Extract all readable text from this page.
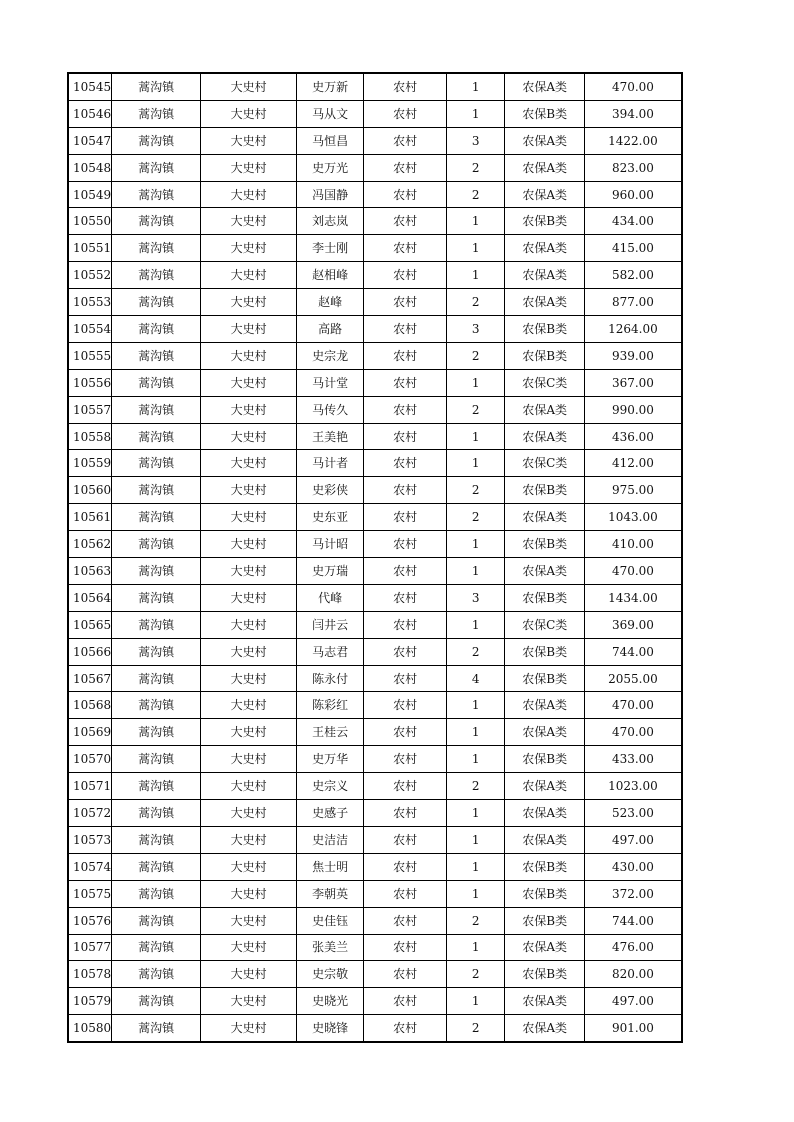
10545	蒿沟镇	大史村	史万新	农村	1	农保A类	470.00
10546	蒿沟镇	大史村	马从文	农村	1	农保B类	394.00
10547	蒿沟镇	大史村	马恒昌	农村	3	农保A类	1422.00
10548	蒿沟镇	大史村	史万光	农村	2	农保A类	823.00
10549	蒿沟镇	大史村	冯国静	农村	2	农保A类	960.00
10550	蒿沟镇	大史村	刘志岚	农村	1	农保B类	434.00
10551	蒿沟镇	大史村	李士刚	农村	1	农保A类	415.00
10552	蒿沟镇	大史村	赵相峰	农村	1	农保A类	582.00
10553	蒿沟镇	大史村	赵峰	农村	2	农保A类	877.00
10554	蒿沟镇	大史村	高路	农村	3	农保B类	1264.00
10555	蒿沟镇	大史村	史宗龙	农村	2	农保B类	939.00
10556	蒿沟镇	大史村	马计堂	农村	1	农保C类	367.00
10557	蒿沟镇	大史村	马传久	农村	2	农保A类	990.00
10558	蒿沟镇	大史村	王美艳	农村	1	农保A类	436.00
10559	蒿沟镇	大史村	马计者	农村	1	农保C类	412.00
10560	蒿沟镇	大史村	史彩侠	农村	2	农保B类	975.00
10561	蒿沟镇	大史村	史东亚	农村	2	农保A类	1043.00
10562	蒿沟镇	大史村	马计昭	农村	1	农保B类	410.00
10563	蒿沟镇	大史村	史万瑞	农村	1	农保A类	470.00
10564	蒿沟镇	大史村	代峰	农村	3	农保B类	1434.00
10565	蒿沟镇	大史村	闫井云	农村	1	农保C类	369.00
10566	蒿沟镇	大史村	马志君	农村	2	农保B类	744.00
10567	蒿沟镇	大史村	陈永付	农村	4	农保B类	2055.00
10568	蒿沟镇	大史村	陈彩红	农村	1	农保A类	470.00
10569	蒿沟镇	大史村	王桂云	农村	1	农保A类	470.00
10570	蒿沟镇	大史村	史万华	农村	1	农保B类	433.00
10571	蒿沟镇	大史村	史宗义	农村	2	农保A类	1023.00
10572	蒿沟镇	大史村	史感子	农村	1	农保A类	523.00
10573	蒿沟镇	大史村	史洁洁	农村	1	农保A类	497.00
10574	蒿沟镇	大史村	焦士明	农村	1	农保B类	430.00
10575	蒿沟镇	大史村	李朝英	农村	1	农保B类	372.00
10576	蒿沟镇	大史村	史佳钰	农村	2	农保B类	744.00
10577	蒿沟镇	大史村	张美兰	农村	1	农保A类	476.00
10578	蒿沟镇	大史村	史宗敬	农村	2	农保B类	820.00
10579	蒿沟镇	大史村	史晓光	农村	1	农保A类	497.00
10580	蒿沟镇	大史村	史晓锋	农村	2	农保A类	901.00
